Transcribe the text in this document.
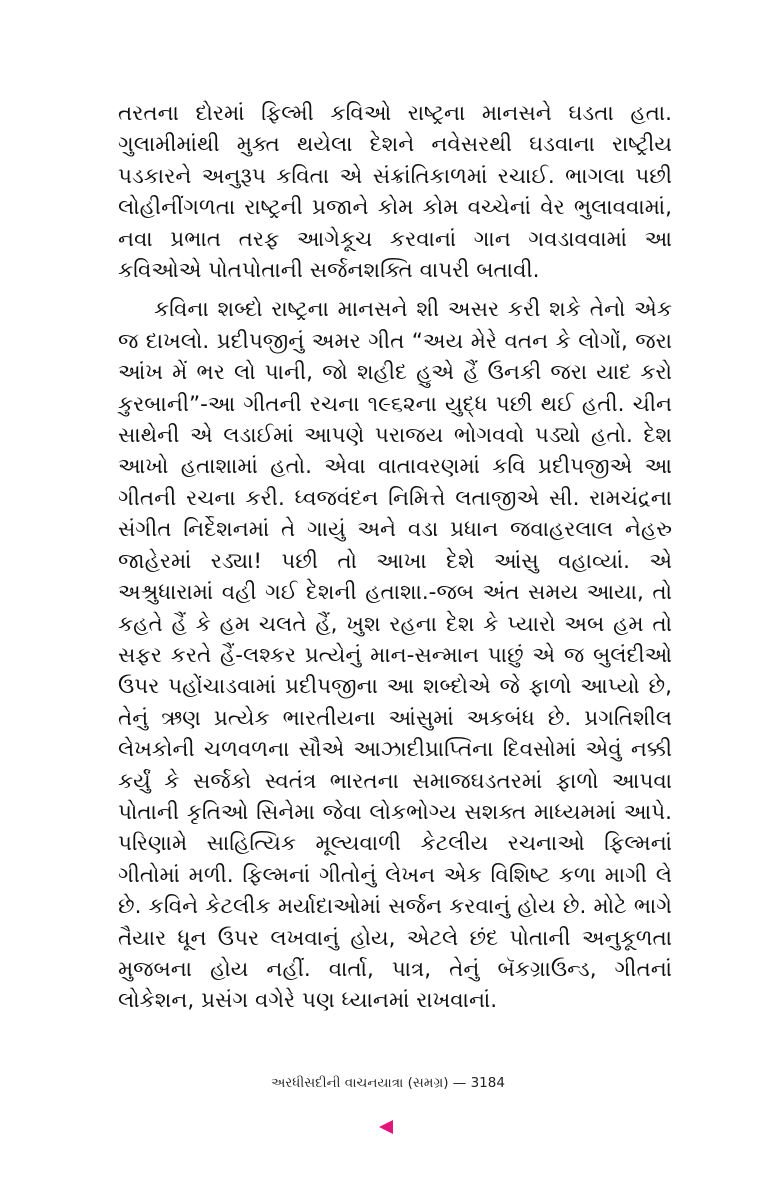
તરતના દોરમાં ફિલ્મી કવિઓ રાષ્ટ્રના માનસને ઘડતા હતા. ગુલામીમાંથી મુક્ત થયેલા દેશને નવેસરથી ઘડવાના રાષ્ટ્રીય પડકારને અનુરૂપ કવિતા એ સંક્રાંતિકાળમાં રચાઈ. ભાગલા પછી લોહીનીંગળતા રાષ્ટ્રની પ્રજાને કોમ કોમ વચ્ચેનાં વેર ભુલાવવામાં, નવા પ્રભાત તરફ આગેકૂચ કરવાનાં ગાન ગવડાવવામાં આ કવિઓએ પોતપોતાની સર્જનશક્તિ વાપરી બતાવી.

કવિના શબ્દો રાષ્ટ્રના માનસને શી અસર કરી શકે તેનો એક જ દાખલો. પ્રદીપજીનું અમર ગીત “અય મેરે વતન કે લોગોં, જરા આંખ મેં ભર લો પાની, જો શહીદ હુએ હૈં ઉનકી જરા યાદ કરો કુરબાની”-આ ગીતની રચના ૧૯૬૨ના યુદ્ધ પછી થઈ હતી. ચીન સાથેની એ લડાઈમાં આપણે પરાજય ભોગવવો પડ્યો હતો. દેશ આખો હતાશામાં હતો. એવા વાતાવરણમાં કવિ પ્રદીપજીએ આ ગીતની રચના કરી. ધ્વજવંદન નિમિત્તે લતાજીએ સી. રામચંદ્રના સંગીત નિર્દેશનમાં તે ગાયું અને વડા પ્રધાન જવાહરલાલ નેહરુ જાહેરમાં રડ્યા! પછી તો આખા દેશે આંસુ વહાવ્યાં. એ અશ્રુધારામાં વહી ગઈ દેશની હતાશા.-જબ અંત સમય આયા, તો કહતે હૈં કે હમ ચલતે હૈં, ખુશ રહના દેશ કે પ્યારો અબ હમ તો સફર કરતે હૈં-લશ્કર પ્રત્યેનું માન-સન્માન પાછું એ જ બુલંદીઓ ઉપર પહોંચાડવામાં પ્રદીપજીના આ શબ્દોએ જે ફાળો આપ્યો છે, તેનું ઋણ પ્રત્યેક ભારતીયના આંસુમાં અકબંધ છે. પ્રગતિશીલ લેખકોની ચળવળના સૌએ આઝાદીપ્રાપ્તિના દિવસોમાં એવું નક્કી કર્યું કે સર્જકો સ્વતંત્ર ભારતના સમાજઘડતરમાં ફાળો આપવા પોતાની કૃતિઓ સિનેમા જેવા લોકભોગ્ય સશક્ત માધ્યમમાં આપે. પરિણામે સાહિત્યિક મૂલ્યવાળી કેટલીય રચનાઓ ફિલ્મનાં ગીતોમાં મળી. ફિલ્મનાં ગીતોનું લેખન એક વિશિષ્ટ કળા માગી લે છે. કવિને કેટલીક મર્યાદાઓમાં સર્જન કરવાનું હોય છે. મોટે ભાગે તૈયાર ધૂન ઉપર લખવાનું હોય, એટલે છંદ પોતાની અનુકૂળતા મુજબના હોય નહીં. વાર્તા, પાત્ર, તેનું બૅકગ્રાઉન્ડ, ગીતનાં લોકેશન, પ્રસંગ વગેરે પણ ધ્યાનમાં રાખવાનાં.

અરધીસદીની વાચનયાત્રા (સમગ્ર) — 3184
